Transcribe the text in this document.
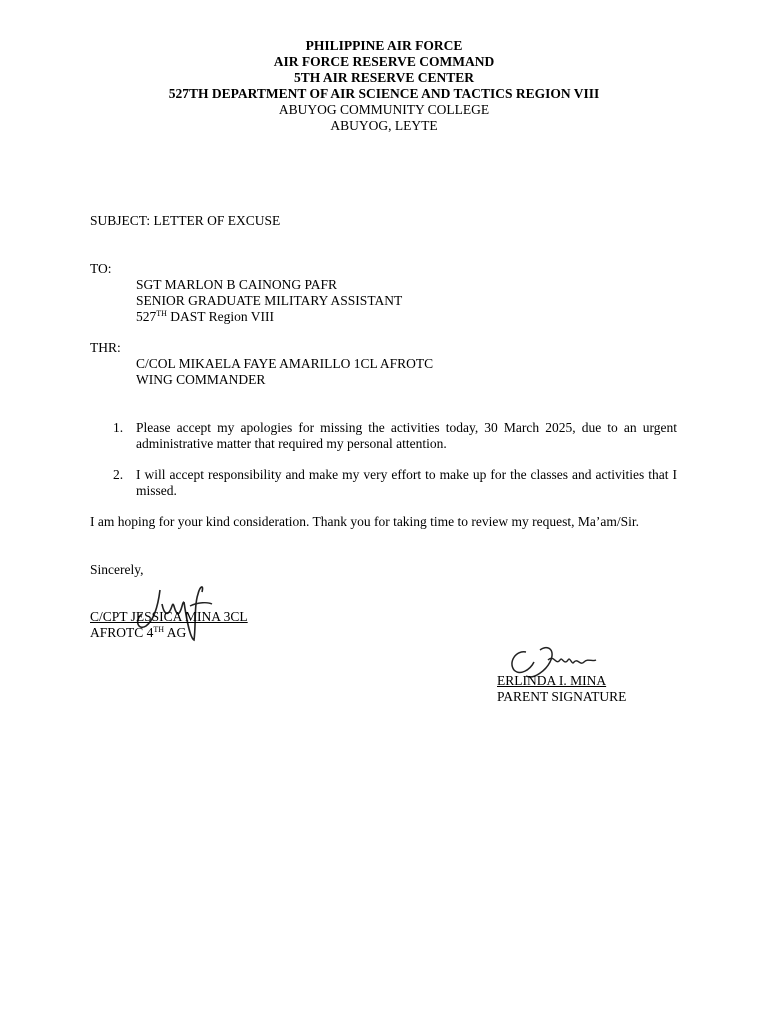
PHILIPPINE AIR FORCE
AIR FORCE RESERVE COMMAND
5TH AIR RESERVE CENTER
527TH DEPARTMENT OF AIR SCIENCE AND TACTICS REGION VIII
ABUYOG COMMUNITY COLLEGE
ABUYOG, LEYTE
SUBJECT: LETTER OF EXCUSE
TO:
SGT MARLON B CAINONG PAFR
SENIOR GRADUATE MILITARY ASSISTANT
527TH DAST Region VIII
THR:
C/COL MIKAELA FAYE AMARILLO 1CL AFROTC
WING COMMANDER
1. Please accept my apologies for missing the activities today, 30 March 2025, due to an urgent administrative matter that required my personal attention.
2. I will accept responsibility and make my very effort to make up for the classes and activities that I missed.
I am hoping for your kind consideration. Thank you for taking time to review my request, Ma’am/Sir.
Sincerely,
C/CPT JESSICA MINA 3CL
AFROTC 4TH AG
ERLINDA I. MINA
PARENT SIGNATURE
